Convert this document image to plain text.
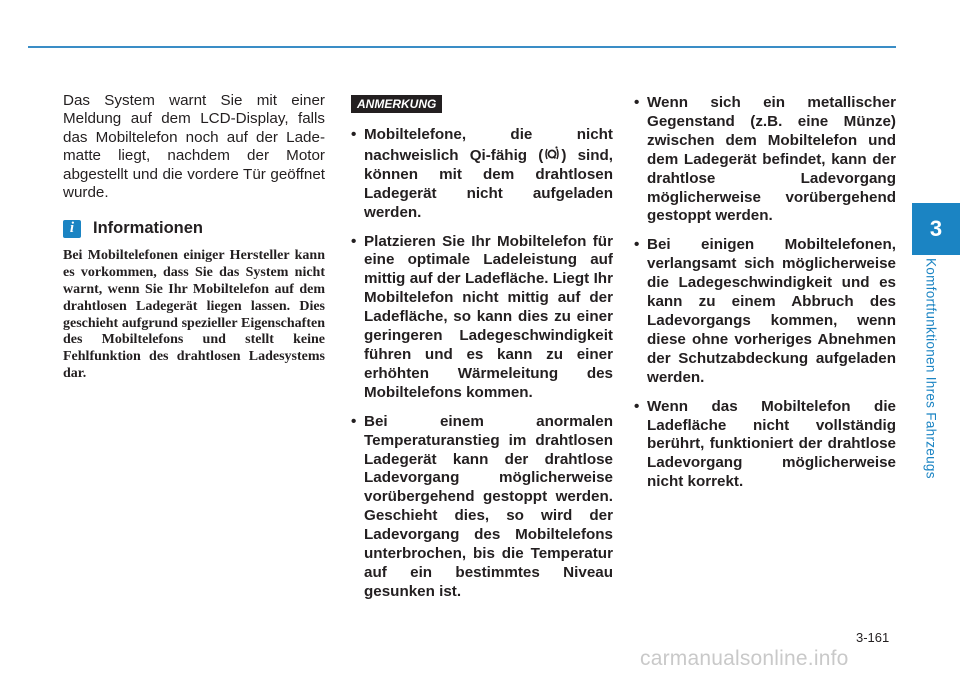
3
Komfortfunktionen Ihres Fahrzeugs

Das System warnt Sie mit einer Meldung auf dem LCD-Display, falls das Mobiltelefon noch auf der Ladematte liegt, nachdem der Motor abgestellt und die vordere Tür geöffnet wurde.

i	Informationen

Bei Mobiltelefonen einiger Hersteller kann es vorkommen, dass Sie das System nicht warnt, wenn Sie Ihr Mobiltelefon auf dem drahtlosen Ladegerät liegen lassen. Dies geschieht aufgrund spezieller Eigenschaften des Mobiltelefons und stellt keine Fehlfunktion des drahtlosen Ladesystems dar.

ANMERKUNG
• Mobiltelefone, die nicht nachweislich Qi-fähig ( ) sind, können mit dem drahtlosen Ladegerät nicht aufgeladen werden.
• Platzieren Sie Ihr Mobiltelefon für eine optimale Ladeleistung auf mittig auf der Ladefläche. Liegt Ihr Mobiltelefon nicht mittig auf der Ladefläche, so kann dies zu einer geringeren Ladegeschwindigkeit führen und es kann zu einer erhöhten Wärmeleitung des Mobiltelefons kommen.
• Bei einem anormalen Temperaturanstieg im drahtlosen Ladegerät kann der drahtlose Ladevorgang möglicherweise vorübergehend gestoppt werden. Geschieht dies, so wird der Ladevorgang des Mobiltelefons unterbrochen, bis die Temperatur auf ein bestimmtes Niveau gesunken ist.
• Wenn sich ein metallischer Gegenstand (z.B. eine Münze) zwischen dem Mobiltelefon und dem Ladegerät befindet, kann der drahtlose Ladevorgang möglicherweise vorübergehend gestoppt werden.
• Bei einigen Mobiltelefonen, verlangsamt sich möglicherweise die Ladegeschwindigkeit und es kann zu einem Abbruch des Ladevorgangs kommen, wenn diese ohne vorheriges Abnehmen der Schutzabdeckung aufgeladen werden.
• Wenn das Mobiltelefon die Ladefläche nicht vollständig berührt, funktioniert der drahtlose Ladevorgang möglicherweise nicht korrekt.
3-161
carmanualsonline.info
